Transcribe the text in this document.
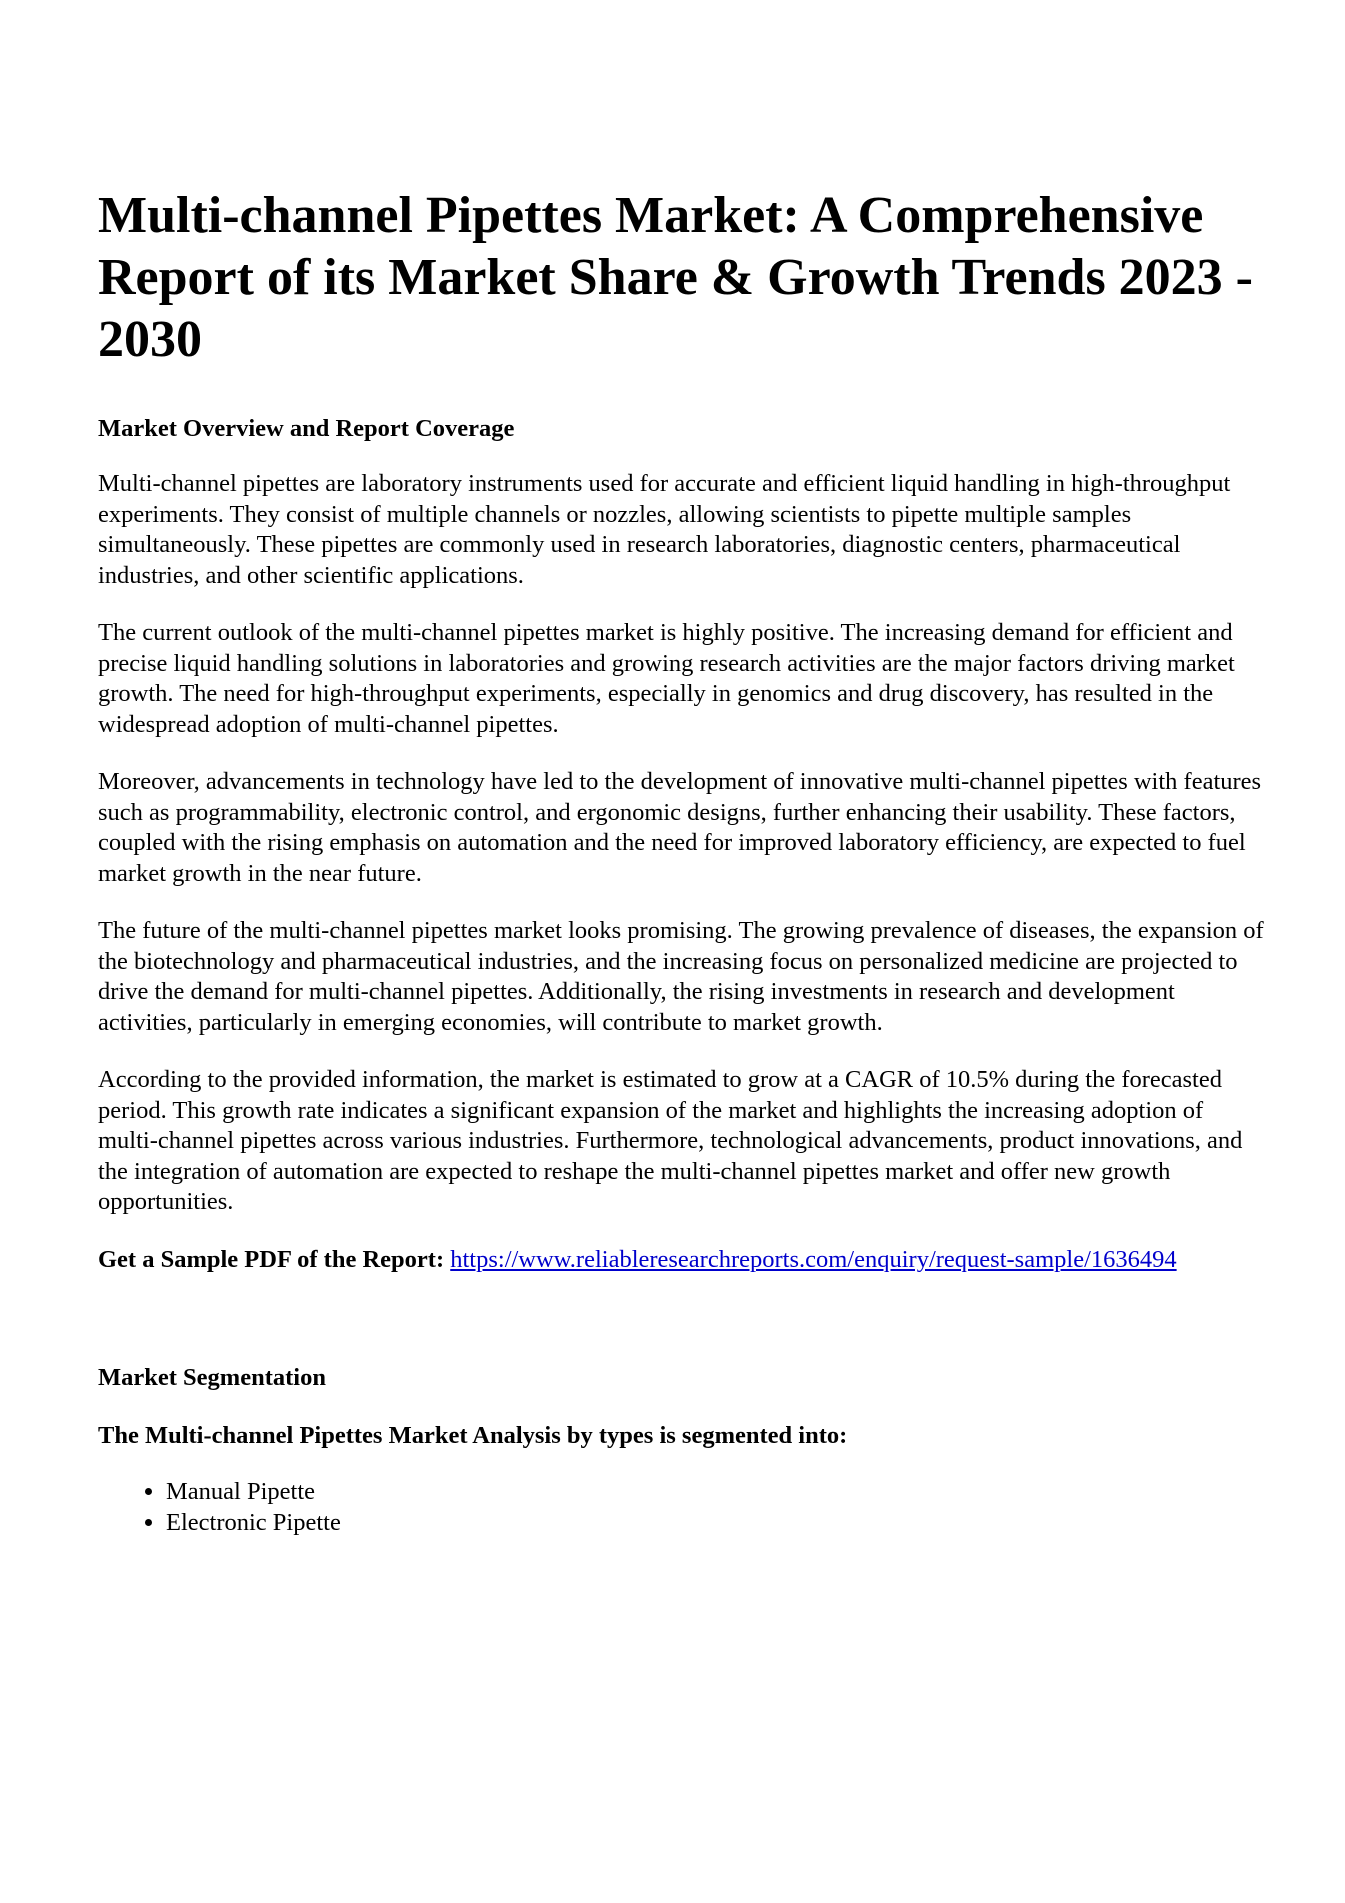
Multi-channel Pipettes Market: A Comprehensive Report of its Market Share & Growth Trends 2023 - 2030
Market Overview and Report Coverage

Multi-channel pipettes are laboratory instruments used for accurate and efficient liquid handling in high-throughput experiments. They consist of multiple channels or nozzles, allowing scientists to pipette multiple samples simultaneously. These pipettes are commonly used in research laboratories, diagnostic centers, pharmaceutical industries, and other scientific applications.

The current outlook of the multi-channel pipettes market is highly positive. The increasing demand for efficient and precise liquid handling solutions in laboratories and growing research activities are the major factors driving market growth. The need for high-throughput experiments, especially in genomics and drug discovery, has resulted in the widespread adoption of multi-channel pipettes.

Moreover, advancements in technology have led to the development of innovative multi-channel pipettes with features such as programmability, electronic control, and ergonomic designs, further enhancing their usability. These factors, coupled with the rising emphasis on automation and the need for improved laboratory efficiency, are expected to fuel market growth in the near future.

The future of the multi-channel pipettes market looks promising. The growing prevalence of diseases, the expansion of the biotechnology and pharmaceutical industries, and the increasing focus on personalized medicine are projected to drive the demand for multi-channel pipettes. Additionally, the rising investments in research and development activities, particularly in emerging economies, will contribute to market growth.

According to the provided information, the market is estimated to grow at a CAGR of 10.5% during the forecasted period. This growth rate indicates a significant expansion of the market and highlights the increasing adoption of multi-channel pipettes across various industries. Furthermore, technological advancements, product innovations, and the integration of automation are expected to reshape the multi-channel pipettes market and offer new growth opportunities.

Get a Sample PDF of the Report: https://www.reliableresearchreports.com/enquiry/request-sample/1636494

Market Segmentation
The Multi-channel Pipettes Market Analysis by types is segmented into:
• Manual Pipette
• Electronic Pipette
